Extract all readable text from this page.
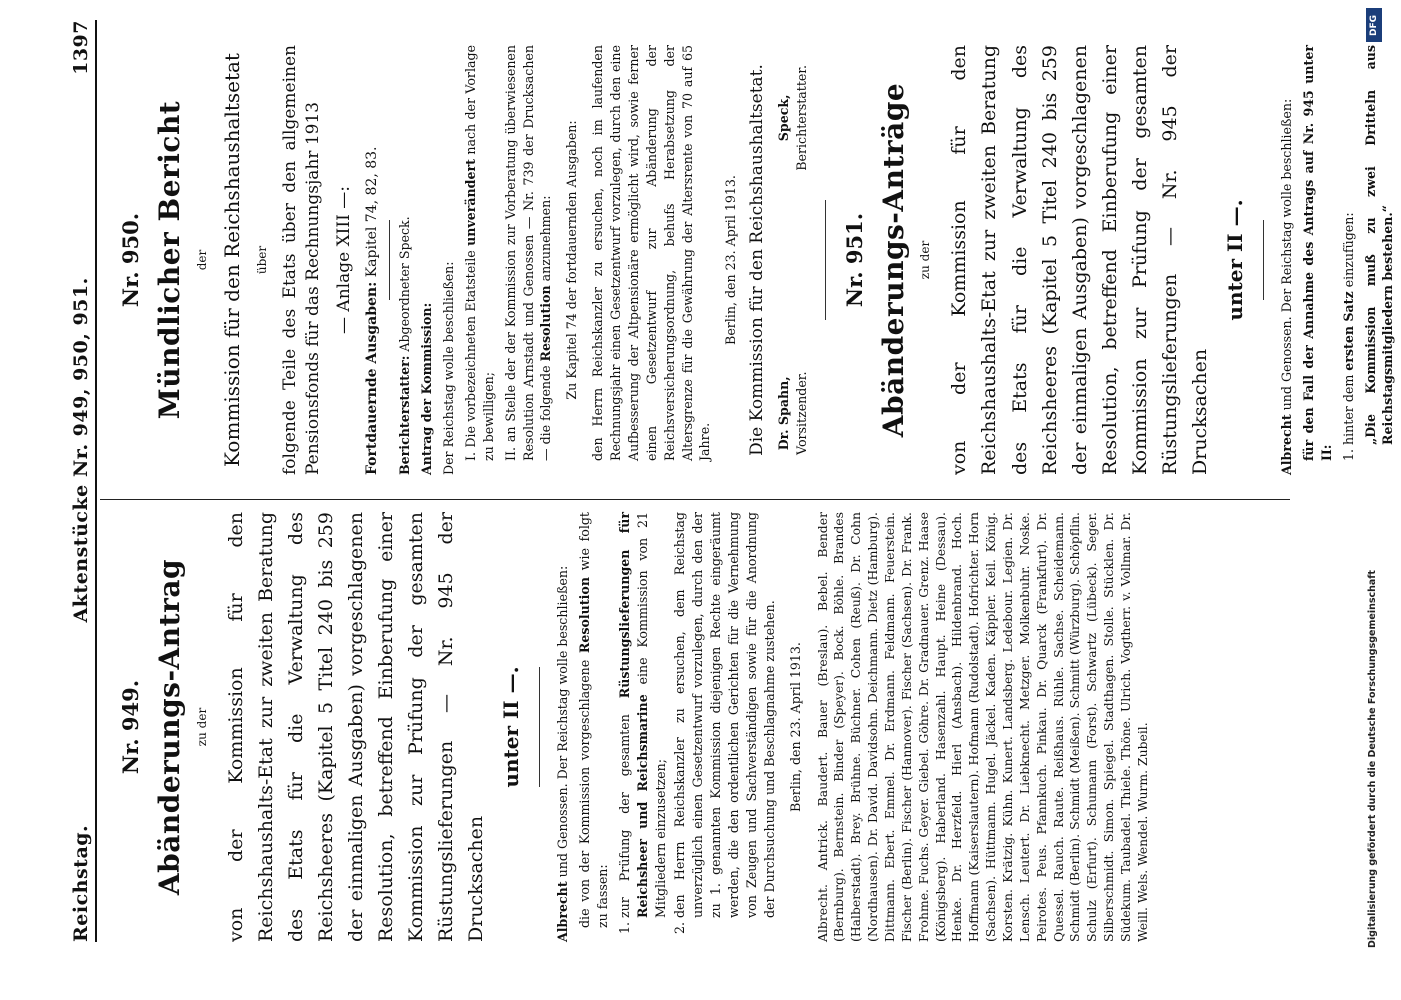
Reichstag.
Aktenstücke Nr. 949, 950, 951.
1397
Nr. 949. Abänderungs-Antrag zu der von der Kommission für den Reichshaushalts-Etat zur zweiten Beratung des Etats für die Verwaltung des Reichsheeres (Kapitel 5 Titel 240 bis 259 der einmaligen Ausgaben) vorgeschlagenen Resolution, betreffend Einberufung einer Kommission zur Prüfung der gesamten Rüstungslieferungen — Nr. 945 der Drucksachen
unter II —.

Albrecht und Genossen. Der Reichstag wolle beschließen: die von der Kommission vorgeschlagene Resolution wie folgt zu fassen: 1. zur Prüfung der gesamten Rüstungslieferungen für Reichsheer und Reichsmarine eine Kommission von 21 Mitgliedern einzusetzen; 2. den Herrn Reichskanzler zu ersuchen, dem Reichstag unverzüglich einen Gesetzentwurf vorzulegen, durch den der zu 1. genannten Kommission diejenigen Rechte eingeräumt werden, die den ordentlichen Gerichten für die Vernehmung von Zeugen und Sachverständigen sowie für die Anordnung der Durchsuchung und Beschlagnahme zustehen. Berlin, den 23. April 1913. Albrecht. Antrick. Baudert. Bauer (Breslau). Bebel. Bender (Bernburg). Bernstein. Binder (Speyer). Bock. Böhle. Brandes (Halberstadt). Brey. Brühne. Büchner. Cohen (Reuß). Dr. Cohn (Nordhausen). Dr. David. Davidsohn. Deichmann. Dietz (Hamburg). Dittmann. Ebert. Emmel. Dr. Erdmann. Feldmann. Feuerstein. Fischer (Berlin). Fischer (Hannover). Fischer (Sachsen). Dr. Frank. Frohme. Fuchs. Geyer. Giebel. Göhre. Dr. Gradnauer. Grenz. Haase (Königsberg). Haberland. Hasenzahl. Haupt. Heine (Dessau). Henke. Dr. Herzfeld. Hierl (Ansbach). Hildenbrand. Hoch. Hoffmann (Kaiserslautern). Hofmann (Rudolstadt). Hofrichter. Horn (Sachsen). Hüttmann. Hugel. Jäckel. Kaden. Käppler. Keil. König. Korsten. Krätzig. Kühn. Kunert. Landsberg. Ledebour. Legien. Dr. Lensch. Leutert. Dr. Liebknecht. Metzger. Molkenbuhr. Noske. Peirotes. Peus. Pfannkuch. Pinkau. Dr. Quarck (Frankfurt). Dr. Quessel. Rauch. Raute. Reißhaus. Rühle. Sachse. Scheidemann. Schmidt (Berlin). Schmidt (Meißen). Schmitt (Würzburg). Schöpflin. Schulz (Erfurt). Schumann (Forst). Schwartz (Lübeck). Seger. Silberschmidt. Simon. Spiegel. Stadthagen. Stolle. Stücklen. Dr. Südekum. Taubadel. Thiele. Thöne. Ulrich. Vogtherr. v. Vollmar. Dr. Weill. Wels. Wendel. Wurm. Zubeil.
Nr. 950. Mündlicher Bericht der Kommission für den Reichshaushaltsetat über folgende Teile des Etats über den allgemeinen Pensionsfonds für das Rechnungsjahr 1913 — Anlage XIII —:

Fortdauernde Ausgaben: Kapitel 74, 82, 83.

Berichterstatter: Abgeordneter Speck.

Antrag der Kommission: Der Reichstag wolle beschließen: I. Die vorbezeichneten Etatsteile unverändert nach der Vorlage zu bewilligen; II. an Stelle der der Kommission zur Vorberatung überwiesenen Resolution Arnstadt und Genossen — Nr. 739 der Drucksachen — die folgende Resolution anzunehmen: Zu Kapitel 74 der fortdauernden Ausgaben: den Herrn Reichskanzler zu ersuchen, noch im laufenden Rechnungsjahr einen Gesetzentwurf vorzulegen, durch den eine Aufbesserung der Altpensionäre ermöglicht wird, sowie ferner einen Gesetzentwurf zur Abänderung der Reichsversicherungsordnung, behufs Herabsetzung der Altersgrenze für die Gewährung der Altersrente von 70 auf 65 Jahre.

Berlin, den 23. April 1913. Die Kommission für den Reichshaushaltsetat. Dr. Spahn, Vorsitzender.
Speck, Berichterstatter.
Nr. 951. Abänderungs-Anträge zu der von der Kommission für den Reichshaushalts-Etat zur zweiten Beratung des Etats für die Verwaltung des Reichsheeres (Kapitel 5 Titel 240 bis 259 der einmaligen Ausgaben) vorgeschlagenen Resolution, betreffend Einberufung einer Kommission zur Prüfung der gesamten Rüstungslieferungen — Nr. 945 der Drucksachen
unter II —.

Albrecht und Genossen. Der Reichstag wolle beschließen: für den Fall der Annahme des Antrags auf Nr. 945 unter II: 1. hinter dem ersten Satz einzufügen: „Die Kommission muß zu zwei Dritteln aus Reichstagsmitgliedern bestehen.“

DFG
Digitalisierung gefördert durch die Deutsche Forschungsgemeinschaft
